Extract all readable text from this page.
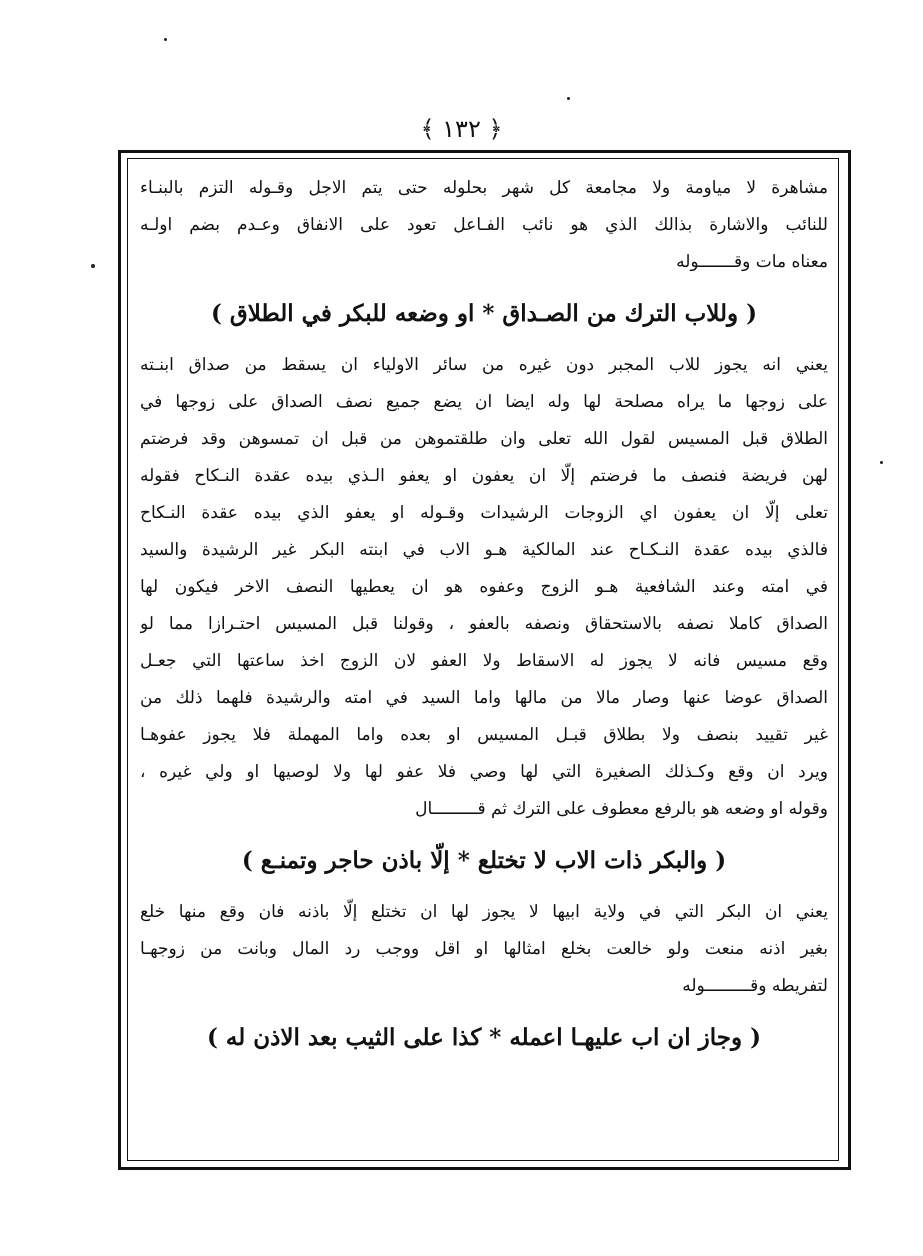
﴿ ١٣٢ ﴾
مشاهرة لا مياومة ولا مجامعة كل شهر بحلوله حتى يتم الاجل وقـوله التزم بالبنـاء
للنائب والاشارة بذالك الذي هو نائب الفـاعل تعود على الانفاق وعـدم بضم اولـه
معناه مات وقـــــــوله
( وللاب الترك من الصـداق * او وضعه للبكر في الطلاق )
يعني انه يجوز للاب المجبر دون غيره من سائر الاولياء ان يسقط من صداق ابنـته
على زوجها ما يراه مصلحة لها وله ايضا ان يضع جميع نصف الصداق على زوجها في
الطلاق قبل المسيس لقول الله تعلى وان طلقتموهن من قبل ان تمسوهن وقد فرضتم
لهن فريضة فنصف ما فرضتم إلّا ان يعفون او يعفو الـذي بيده عقدة النـكاح فقوله
تعلى إلّا ان يعفون اي الزوجات الرشيدات وقـوله او يعفو الذي بيده عقدة النـكاح
فالذي بيده عقدة النـكـاح عند المالكية هـو الاب في ابنته البكر غير الرشيدة والسيد
في امته وعند الشافعية هـو الزوج وعفوه هو ان يعطيها النصف الاخر فيكون لها
الصداق كاملا نصفه بالاستحقاق ونصفه بالعفو ، وقولنا قبل المسيس احتـرازا مما لو
وقع مسيس فانه لا يجوز له الاسقاط ولا العفو لان الزوج اخذ ساعتها التي جعـل
الصداق عوضا عنها وصار مالا من مالها واما السيد في امته والرشيدة فلهما ذلك من
غير تقييد بنصف ولا بطلاق قبـل المسيس او بعده واما المهملة فلا يجوز عفوهـا
ويرد ان وقع وكـذلك الصغيرة التي لها وصي فلا عفو لها ولا لوصيها او ولي غيره ،
وقوله او وضعه هو بالرفع معطوف على الترك ثم قـــــــــال
( والبكر ذات الاب لا تختلع * إلّا باذن حاجر وتمنـع )
يعني ان البكر التي في ولاية ابيها لا يجوز لها ان تختلع إلّا باذنه فان وقع منها خلع
بغير اذنه منعت ولو خالعت بخلع امثالها او اقل ووجب رد المال وبانت من زوجهـا
لتفريطه وقـــــــــوله
( وجاز ان اب عليهـا اعمله * كذا على الثيب بعد الاذن له )
